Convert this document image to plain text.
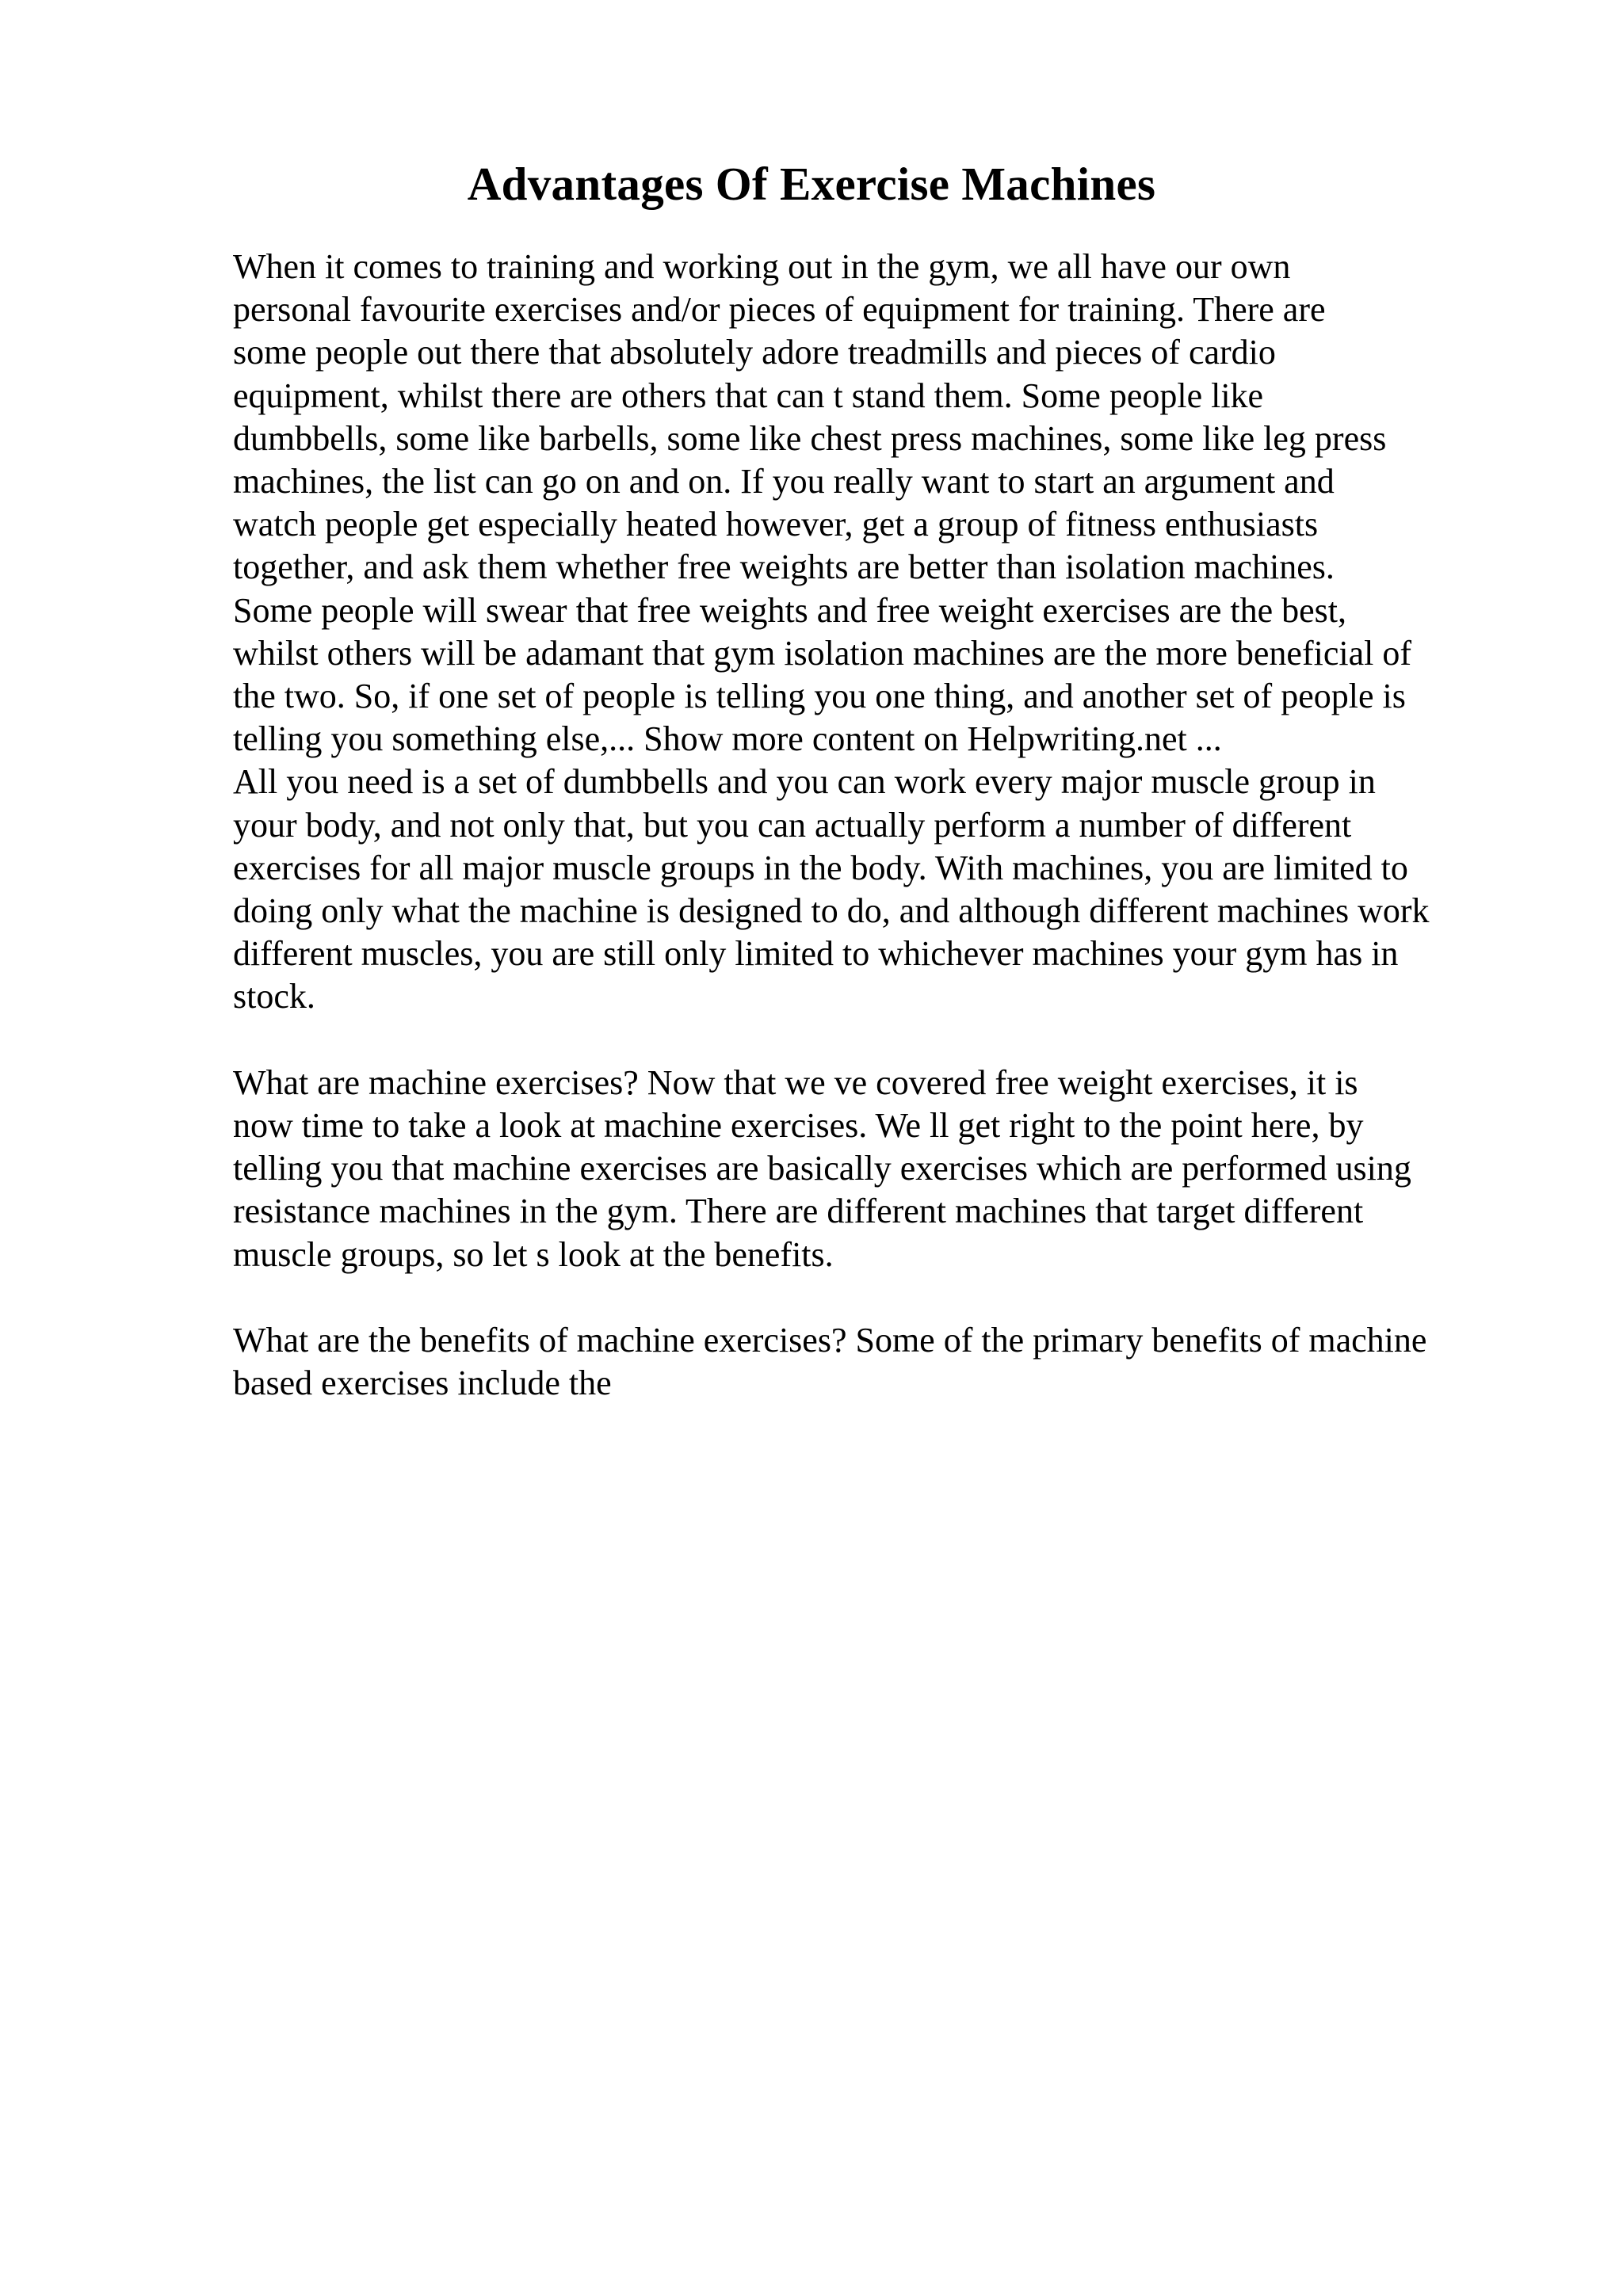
Advantages Of Exercise Machines
When it comes to training and working out in the gym, we all have our own
personal favourite exercises and/or pieces of equipment for training. There are
some people out there that absolutely adore treadmills and pieces of cardio
equipment, whilst there are others that can t stand them. Some people like
dumbbells, some like barbells, some like chest press machines, some like leg press
machines, the list can go on and on. If you really want to start an argument and
watch people get especially heated however, get a group of fitness enthusiasts
together, and ask them whether free weights are better than isolation machines.
Some people will swear that free weights and free weight exercises are the best,
whilst others will be adamant that gym isolation machines are the more beneficial of
the two. So, if one set of people is telling you one thing, and another set of people is
telling you something else,... Show more content on Helpwriting.net ...
All you need is a set of dumbbells and you can work every major muscle group in
your body, and not only that, but you can actually perform a number of different
exercises for all major muscle groups in the body. With machines, you are limited to
doing only what the machine is designed to do, and although different machines work
different muscles, you are still only limited to whichever machines your gym has in
stock.
What are machine exercises? Now that we ve covered free weight exercises, it is
now time to take a look at machine exercises. We ll get right to the point here, by
telling you that machine exercises are basically exercises which are performed using
resistance machines in the gym. There are different machines that target different
muscle groups, so let s look at the benefits.
What are the benefits of machine exercises? Some of the primary benefits of machine
based exercises include the
